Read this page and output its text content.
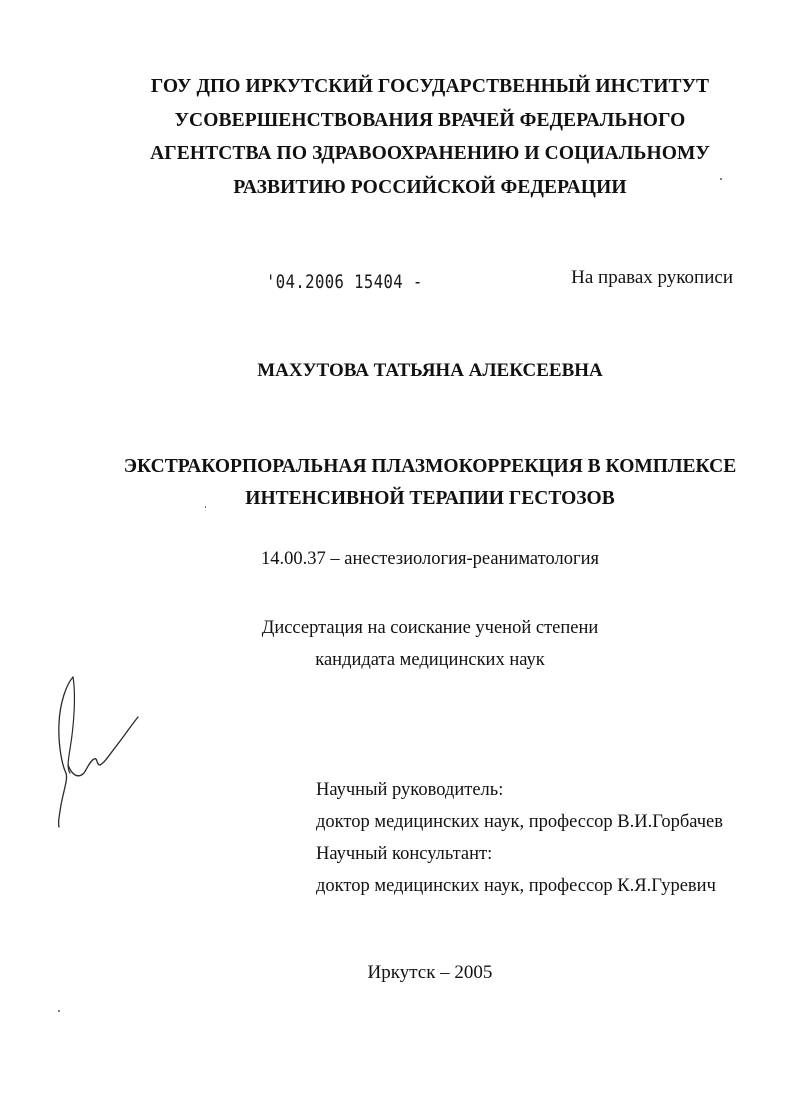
ГОУ ДПО ИРКУТСКИЙ ГОСУДАРСТВЕННЫЙ ИНСТИТУТ
УСОВЕРШЕНСТВОВАНИЯ ВРАЧЕЙ ФЕДЕРАЛЬНОГО
АГЕНТСТВА ПО ЗДРАВООХРАНЕНИЮ И СОЦИАЛЬНОМУ
РАЗВИТИЮ РОССИЙСКОЙ ФЕДЕРАЦИИ
'04.2006 15404 -	На правах рукописи
МАХУТОВА ТАТЬЯНА АЛЕКСЕЕВНА
ЭКСТРАКОРПОРАЛЬНАЯ ПЛАЗМОКОРРЕКЦИЯ В КОМПЛЕКСЕ
ИНТЕНСИВНОЙ ТЕРАПИИ ГЕСТОЗОВ
14.00.37 – анестезиология-реаниматология
Диссертация на соискание ученой степени
кандидата медицинских наук
Научный руководитель:
доктор медицинских наук, профессор В.И.Горбачев
Научный консультант:
доктор медицинских наук, профессор К.Я.Гуревич
Иркутск – 2005
